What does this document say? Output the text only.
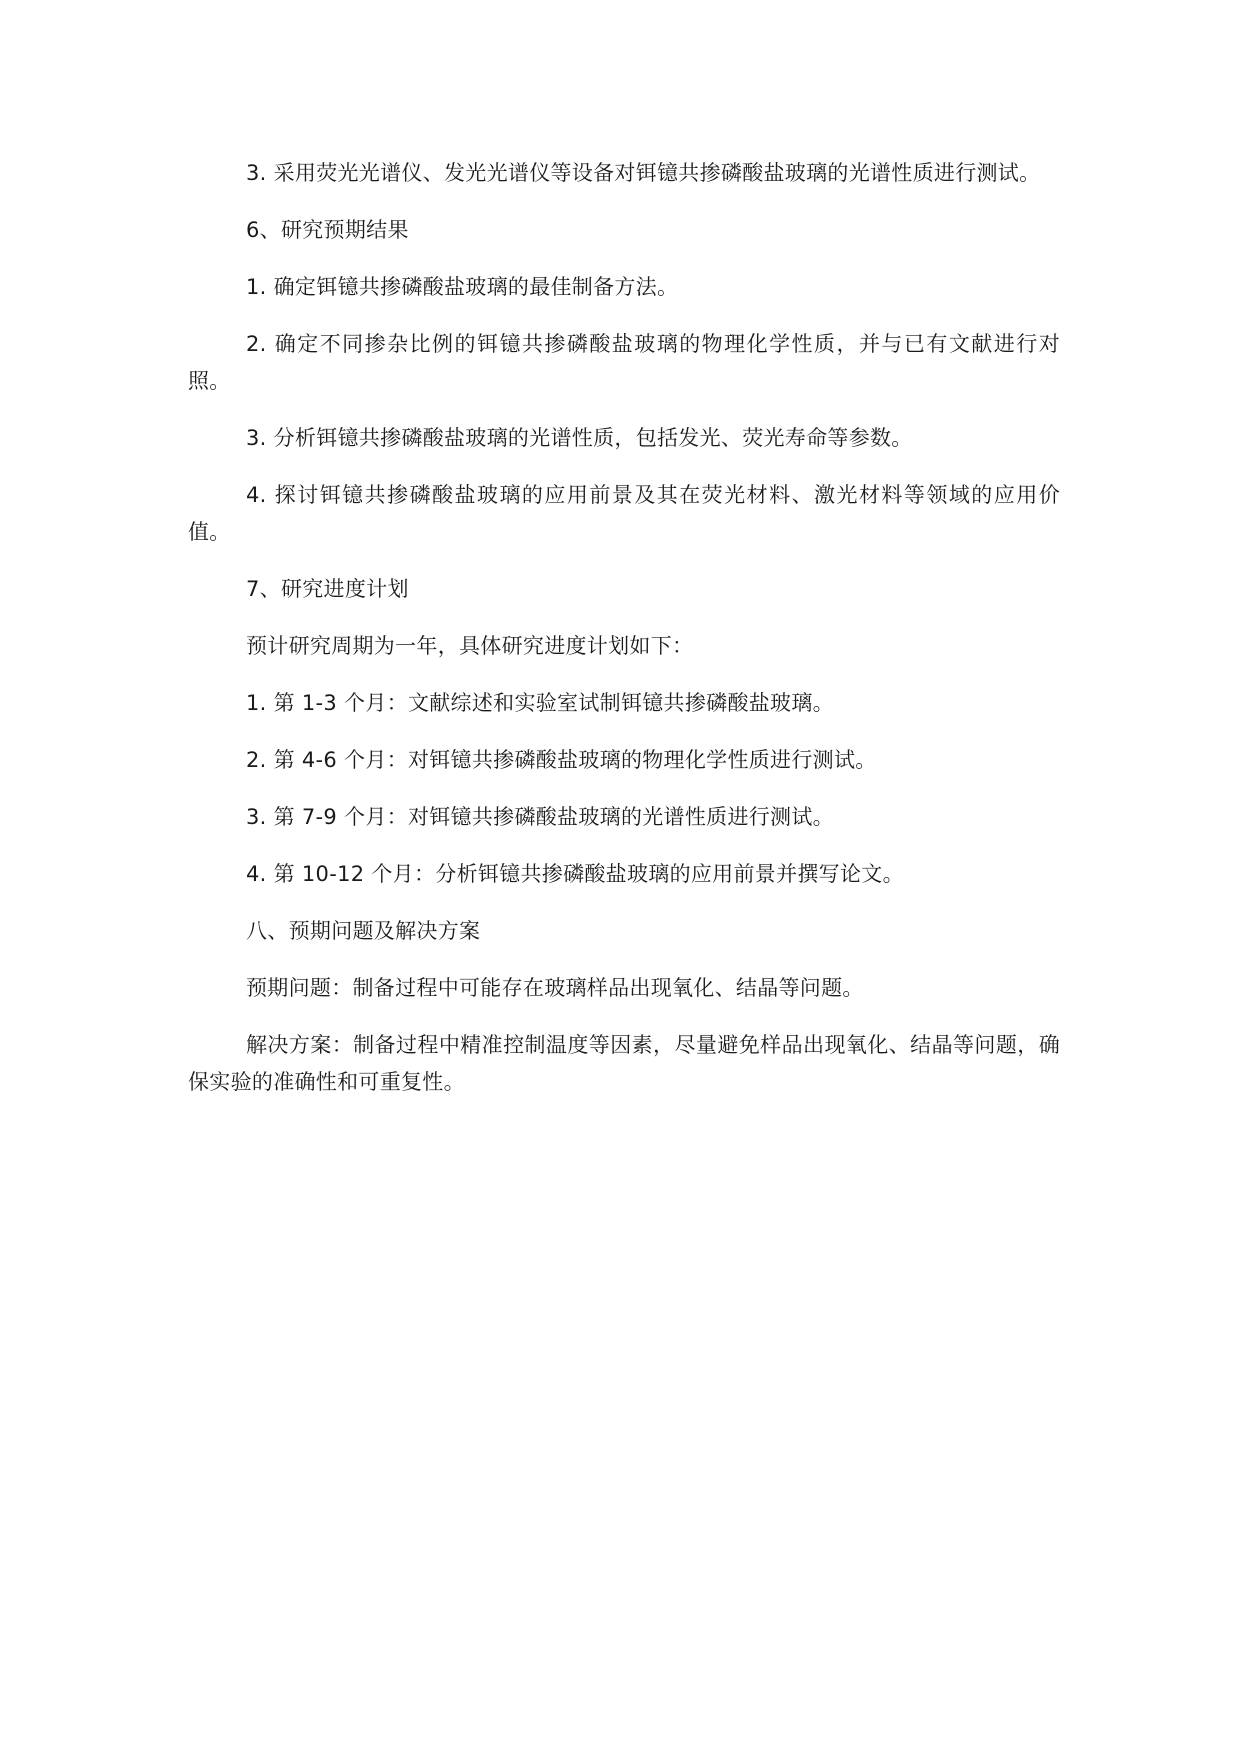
3. 采用荧光光谱仪、发光光谱仪等设备对铒镱共掺磷酸盐玻璃的光谱性质进行测试。

6、研究预期结果

1. 确定铒镱共掺磷酸盐玻璃的最佳制备方法。

2. 确定不同掺杂比例的铒镱共掺磷酸盐玻璃的物理化学性质，并与已有文献进行对照。

3. 分析铒镱共掺磷酸盐玻璃的光谱性质，包括发光、荧光寿命等参数。

4. 探讨铒镱共掺磷酸盐玻璃的应用前景及其在荧光材料、激光材料等领域的应用价值。

7、研究进度计划

预计研究周期为一年，具体研究进度计划如下：

1. 第 1-3 个月：文献综述和实验室试制铒镱共掺磷酸盐玻璃。

2. 第 4-6 个月：对铒镱共掺磷酸盐玻璃的物理化学性质进行测试。

3. 第 7-9 个月：对铒镱共掺磷酸盐玻璃的光谱性质进行测试。

4. 第 10-12 个月：分析铒镱共掺磷酸盐玻璃的应用前景并撰写论文。

八、预期问题及解决方案

预期问题：制备过程中可能存在玻璃样品出现氧化、结晶等问题。

解决方案：制备过程中精准控制温度等因素，尽量避免样品出现氧化、结晶等问题，确保实验的准确性和可重复性。
